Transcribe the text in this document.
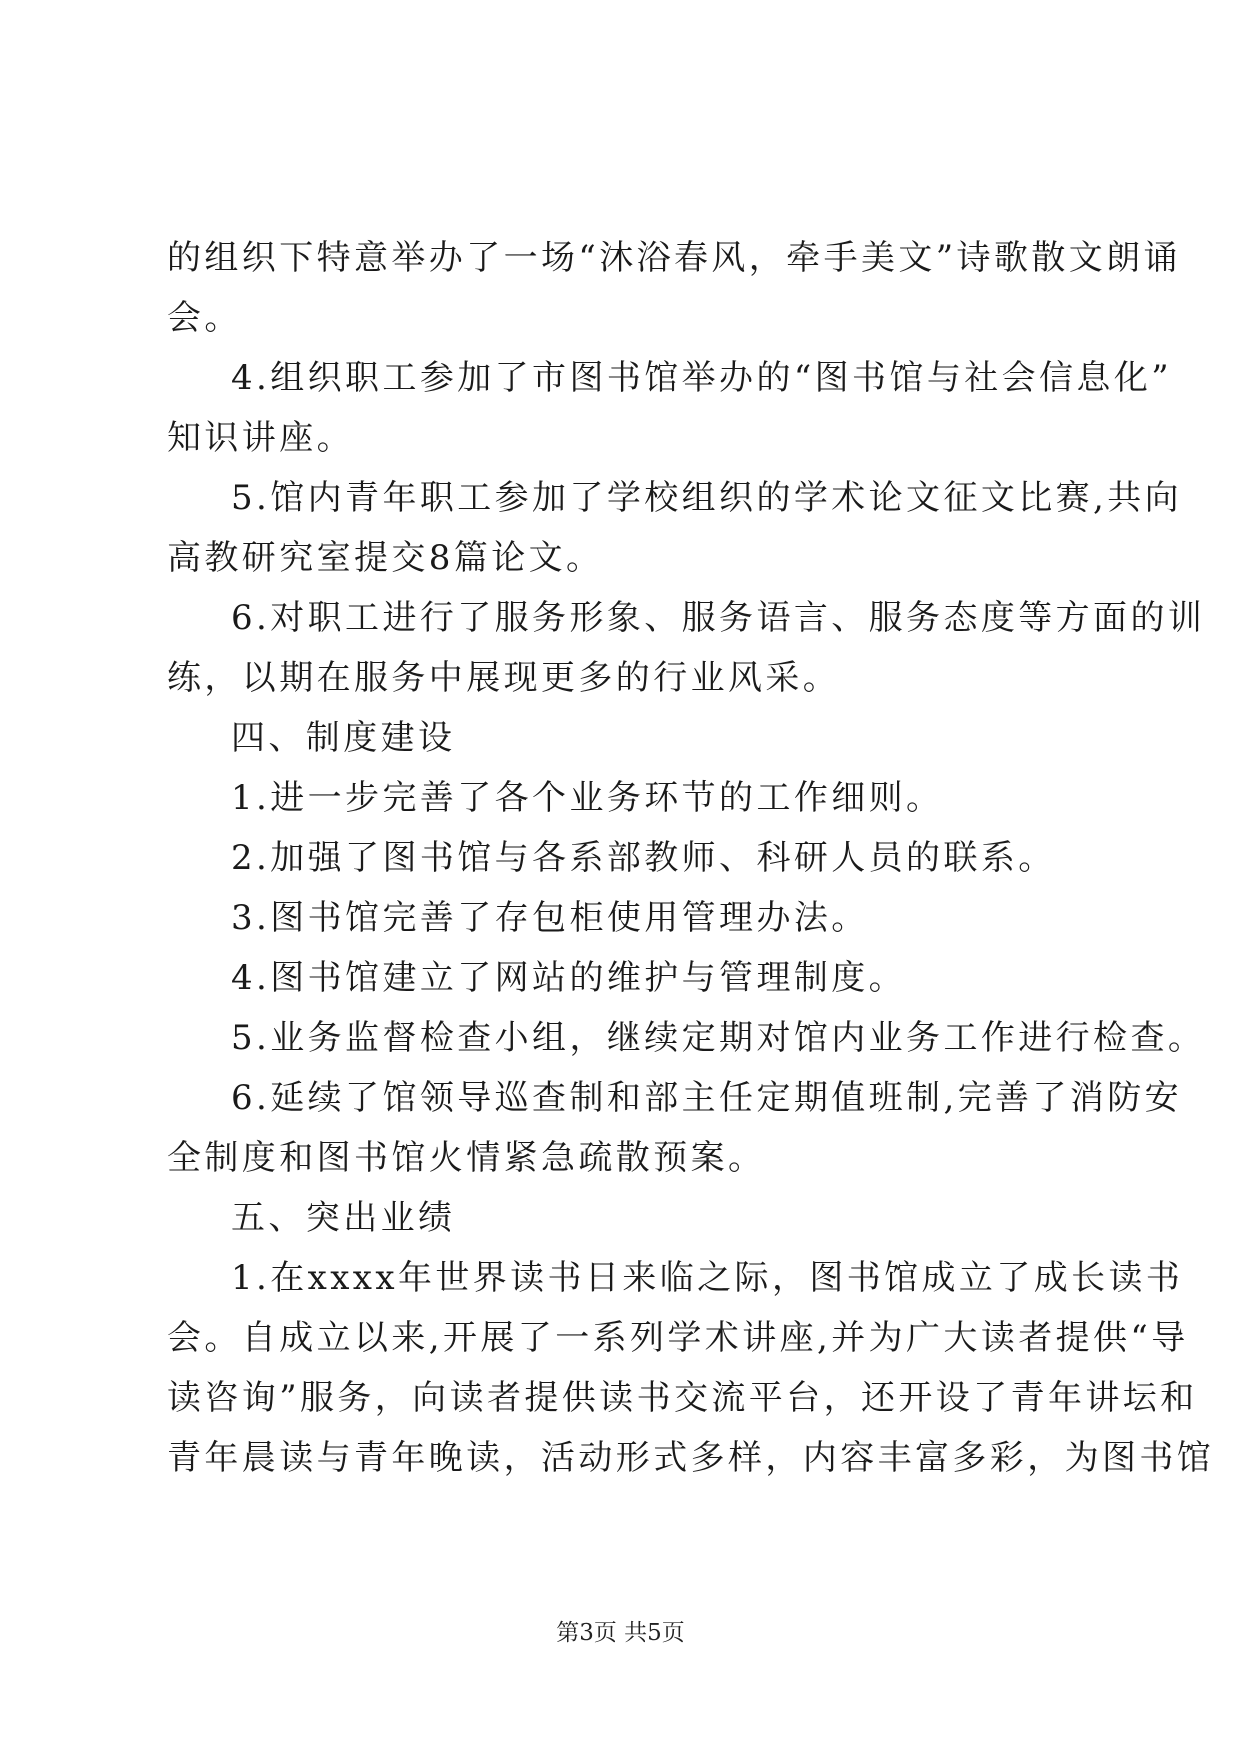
的组织下特意举办了一场“沐浴春风，牵手美文”诗歌散文朗诵
会。
4.组织职工参加了市图书馆举办的“图书馆与社会信息化”
知识讲座。
5.馆内青年职工参加了学校组织的学术论文征文比赛,共向
高教研究室提交8篇论文。
6.对职工进行了服务形象、服务语言、服务态度等方面的训
练，以期在服务中展现更多的行业风采。
四、制度建设
1.进一步完善了各个业务环节的工作细则。
2.加强了图书馆与各系部教师、科研人员的联系。
3.图书馆完善了存包柜使用管理办法。
4.图书馆建立了网站的维护与管理制度。
5.业务监督检查小组，继续定期对馆内业务工作进行检查。
6.延续了馆领导巡查制和部主任定期值班制,完善了消防安
全制度和图书馆火情紧急疏散预案。
五、突出业绩
1.在xxxx年世界读书日来临之际，图书馆成立了成长读书
会。自成立以来,开展了一系列学术讲座,并为广大读者提供“导
读咨询”服务，向读者提供读书交流平台，还开设了青年讲坛和
青年晨读与青年晚读，活动形式多样，内容丰富多彩，为图书馆
第3页 共5页
